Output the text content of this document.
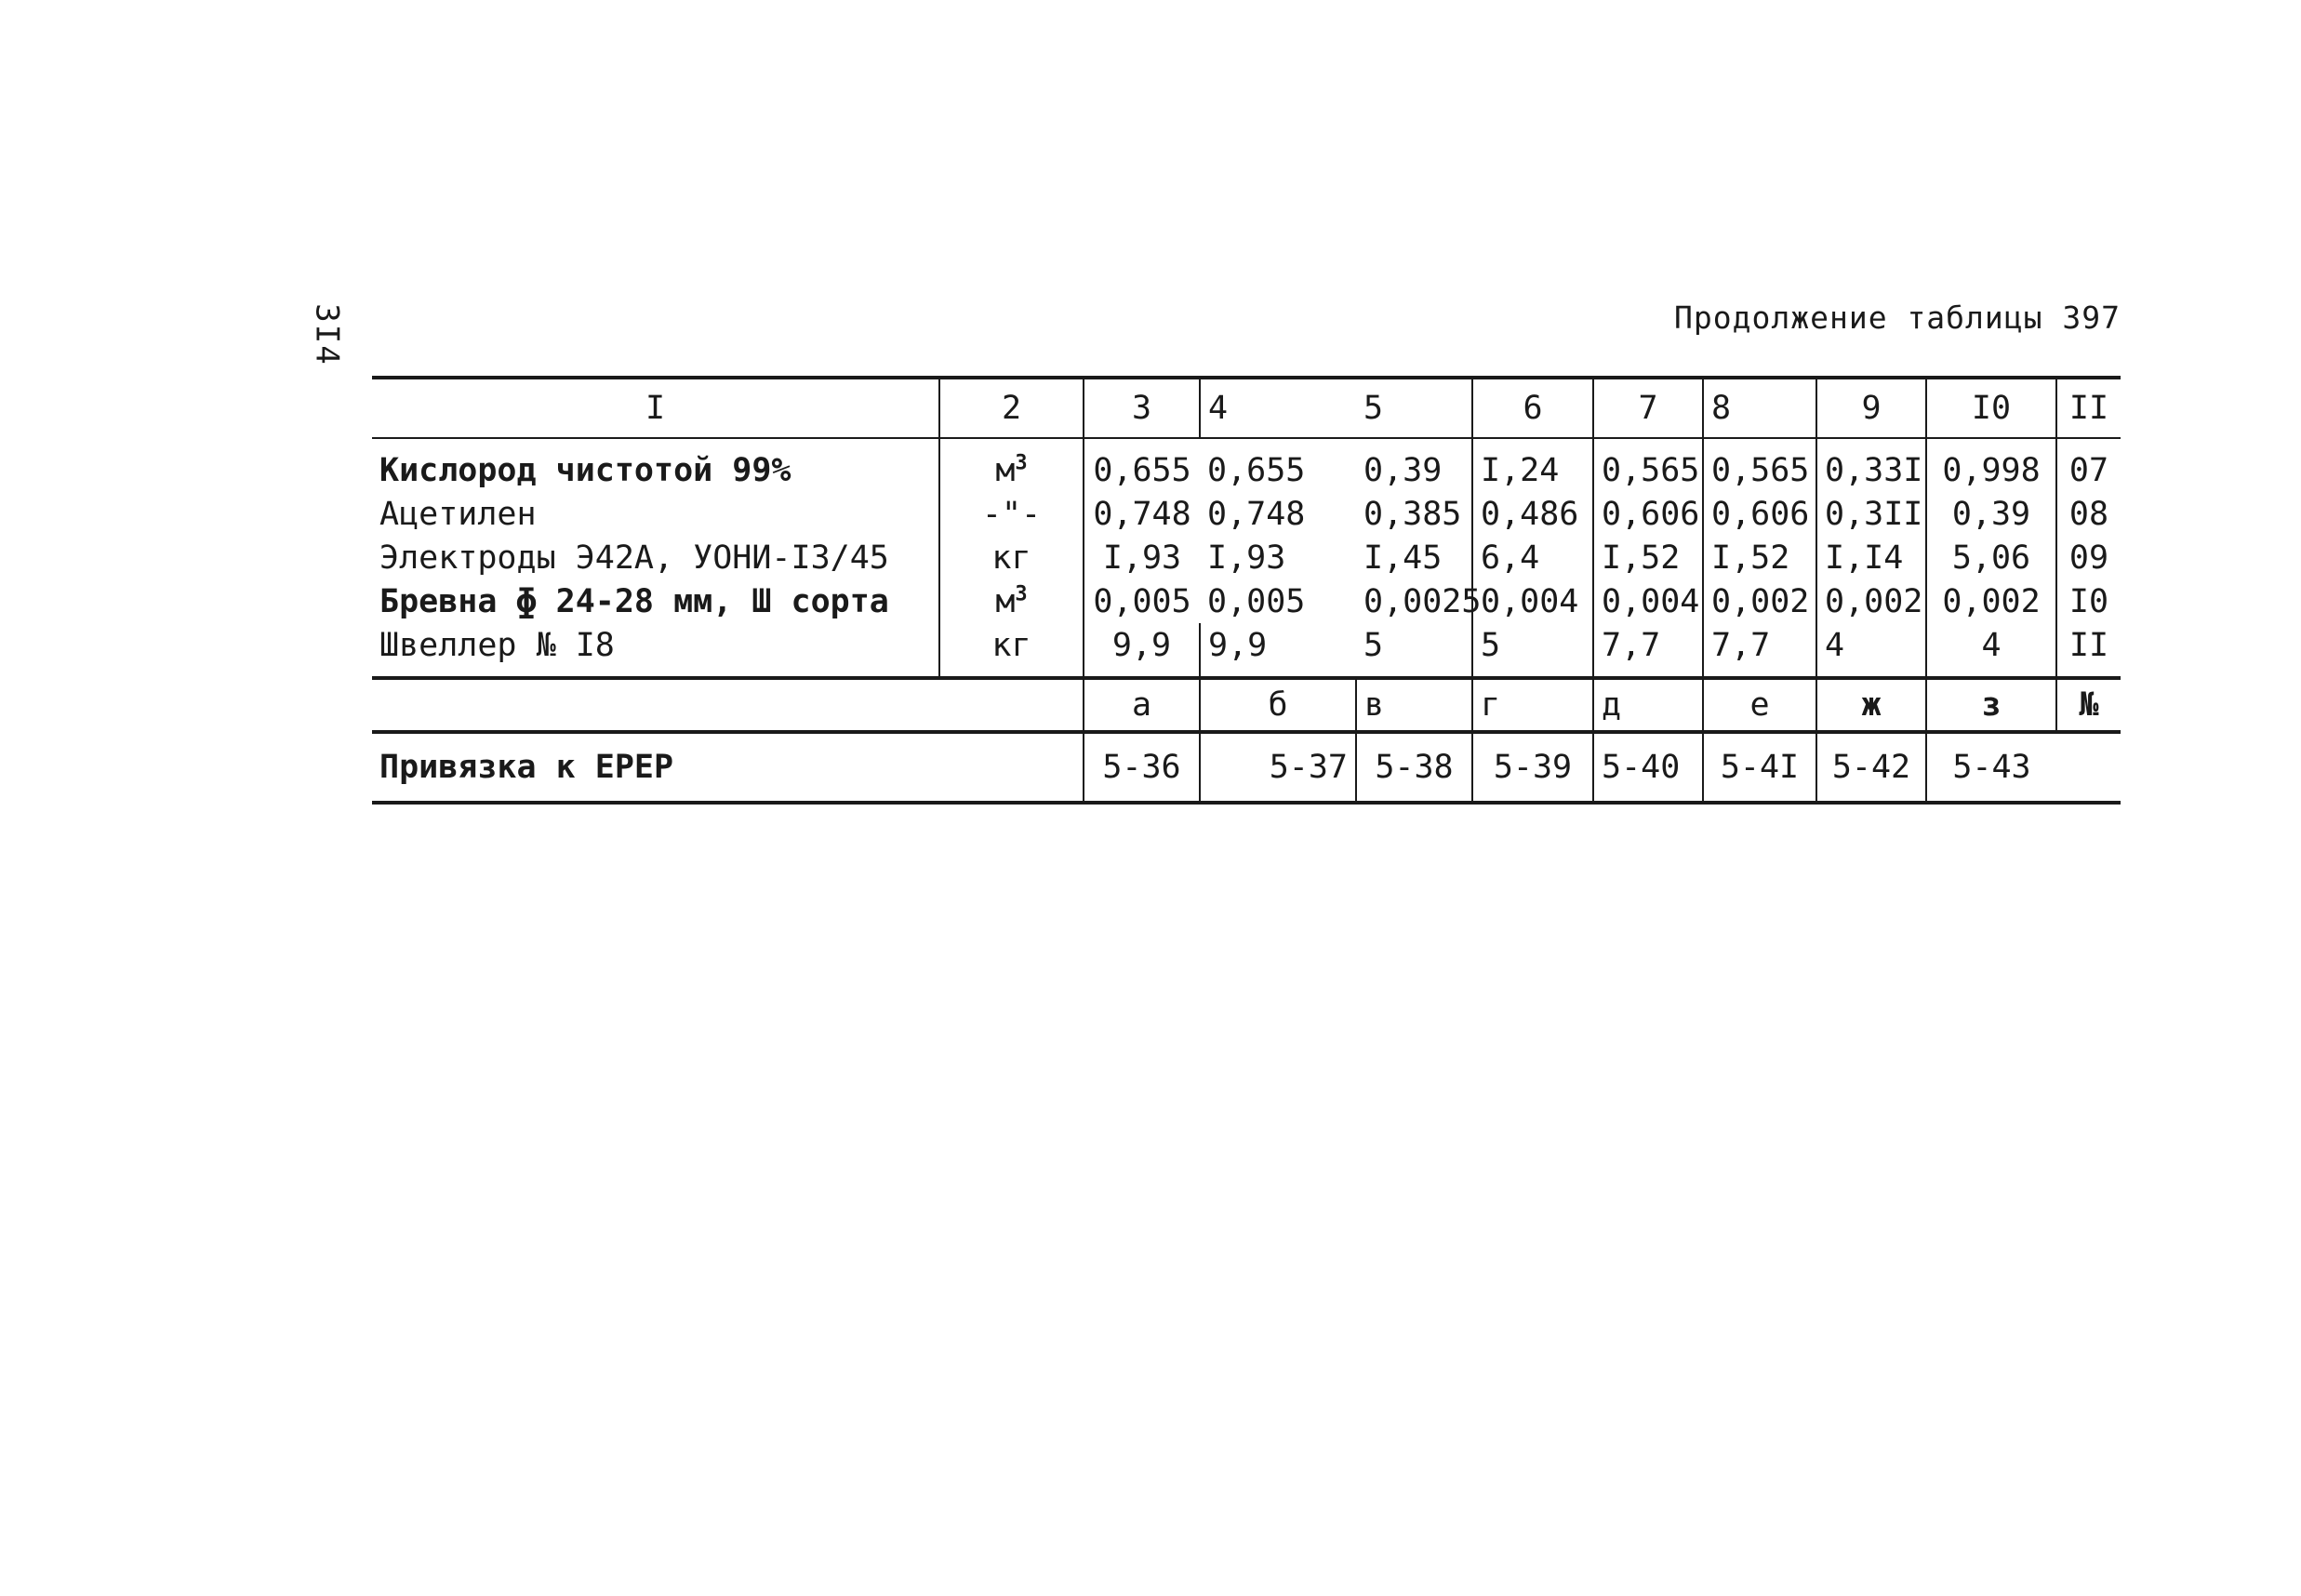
3I4	Продолжение таблицы 397
I	2	3	4	5	6	7	8	9	I0	II
Кислород чистотой 99%	$м^3$	0,655	0,655	0,39	I,24	0,565	0,565	0,33I	0,998	07
Ацетилен	-"-	0,748	0,748	0,385	0,486	0,606	0,606	0,3II	0,39	08
Электроды Э42А, УОНИ-I3/45	кг	I,93	I,93	I,45	6,4	I,52	I,52	I,I4	5,06	09
Бревна ɸ 24-28 мм, Ш сорта	$м^3$	0,005	0,005	0,0025	0,004	0,004	0,002	0,002	0,002	I0
Швеллер № I8	кг	9,9	9,9	5	5	7,7	7,7	4	4	II
		а	б	в	г	д	е	ж	з	№
Привязка к ЕРЕР		5-36	5-37	5-38	5-39	5-40	5-4I	5-42	5-43	
